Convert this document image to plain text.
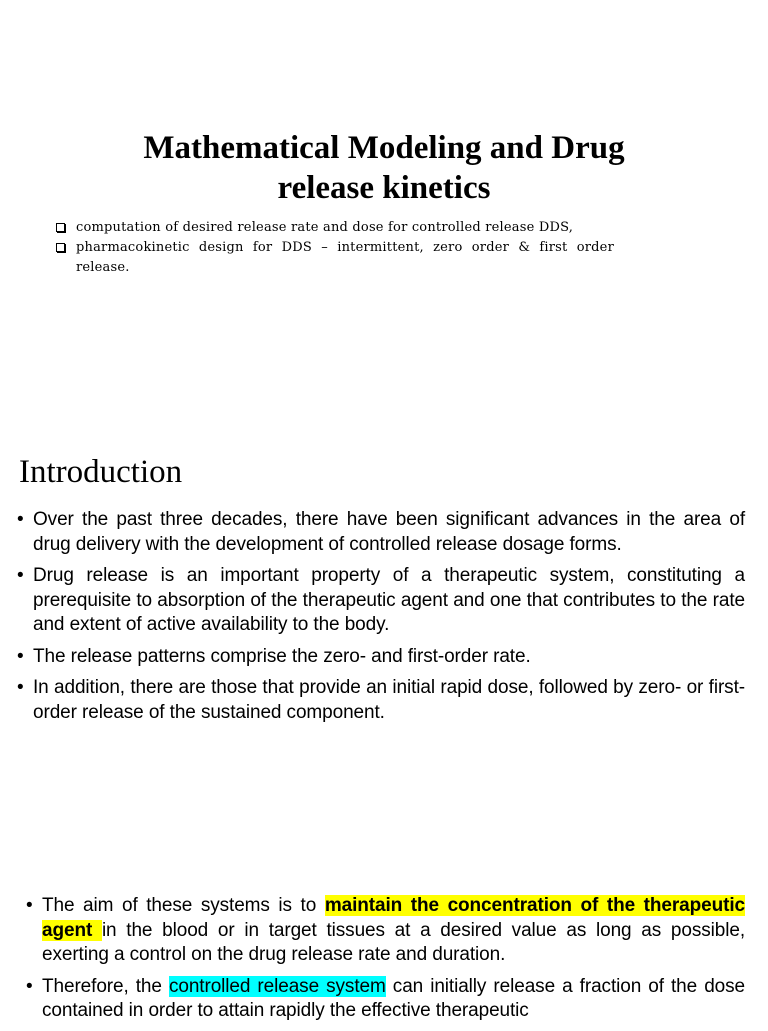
Mathematical Modeling and Drug
release kinetics
computation of desired release rate and dose for controlled release DDS,
pharmacokinetic design for DDS – intermittent, zero order & first order release.
Introduction
• Over the past three decades, there have been significant advances in the area of drug delivery with the development of controlled release dosage forms.
• Drug release is an important property of a therapeutic system, constituting a prerequisite to absorption of the therapeutic agent and one that contributes to the rate and extent of active availability to the body.
• The release patterns comprise the zero- and first-order rate.
• In addition, there are those that provide an initial rapid dose, followed by zero- or first-order release of the sustained component.
• The aim of these systems is to maintain the concentration of the therapeutic agent in the blood or in target tissues at a desired value as long as possible, exerting a control on the drug release rate and duration.
• Therefore, the controlled release system can initially release a fraction of the dose contained in order to attain rapidly the effective therapeutic
